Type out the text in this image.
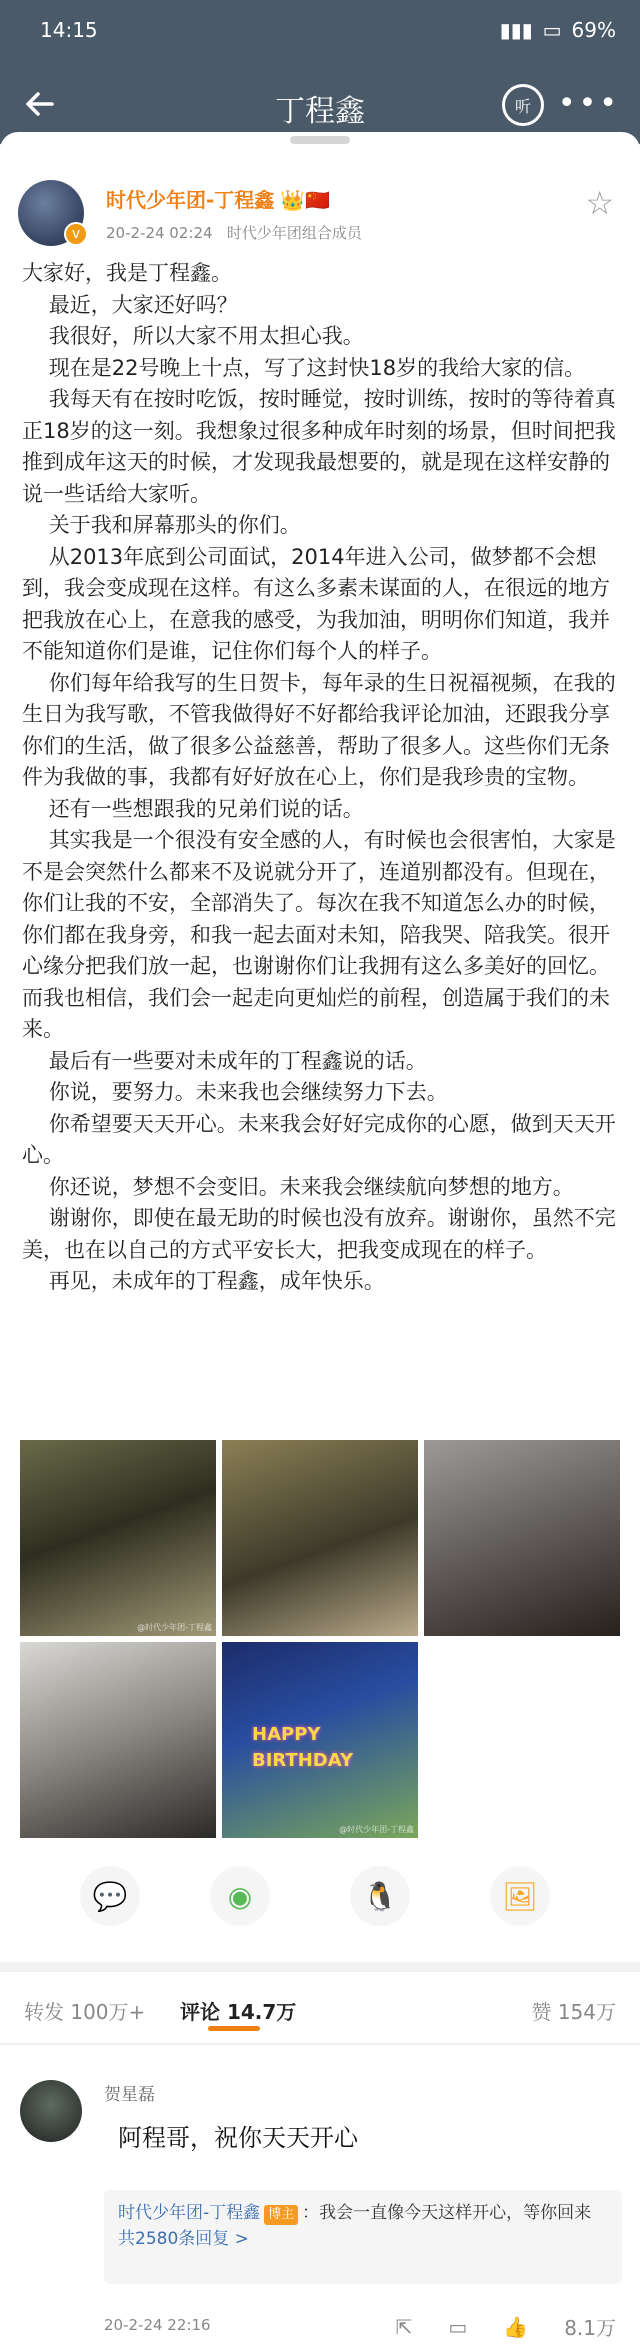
14:15	▮▮▮ ▭ 69%
丁程鑫	听 •••
v
时代少年团-丁程鑫 👑🇨🇳
20-2-24 02:24 时代少年团组合成员
☆

大家好，我是丁程鑫。

最近，大家还好吗？

我很好，所以大家不用太担心我。

现在是22号晚上十点，写了这封快18岁的我给大家的信。

我每天有在按时吃饭，按时睡觉，按时训练，按时的等待着真正18岁的这一刻。我想象过很多种成年时刻的场景，但时间把我推到成年这天的时候，才发现我最想要的，就是现在这样安静的说一些话给大家听。

关于我和屏幕那头的你们。

从2013年底到公司面试，2014年进入公司，做梦都不会想到，我会变成现在这样。有这么多素未谋面的人，在很远的地方把我放在心上，在意我的感受，为我加油，明明你们知道，我并不能知道你们是谁，记住你们每个人的样子。

你们每年给我写的生日贺卡，每年录的生日祝福视频，在我的生日为我写歌，不管我做得好不好都给我评论加油，还跟我分享你们的生活，做了很多公益慈善，帮助了很多人。这些你们无条件为我做的事，我都有好好放在心上，你们是我珍贵的宝物。

还有一些想跟我的兄弟们说的话。

其实我是一个很没有安全感的人，有时候也会很害怕，大家是不是会突然什么都来不及说就分开了，连道别都没有。但现在，你们让我的不安，全部消失了。每次在我不知道怎么办的时候，你们都在我身旁，和我一起去面对未知，陪我哭、陪我笑。很开心缘分把我们放一起，也谢谢你们让我拥有这么多美好的回忆。而我也相信，我们会一起走向更灿烂的前程，创造属于我们的未来。

最后有一些要对未成年的丁程鑫说的话。

你说，要努力。未来我也会继续努力下去。

你希望要天天开心。未来我会好好完成你的心愿，做到天天开心。

你还说，梦想不会变旧。未来我会继续航向梦想的地方。

谢谢你，即使在最无助的时候也没有放弃。谢谢你，虽然不完美，也在以自己的方式平安长大，把我变成现在的样子。

再见，未成年的丁程鑫，成年快乐。

@时代少年团-丁程鑫
HAPPY BIRTHDAY
@时代少年团-丁程鑫
💬	◉	🐧	🖼
转发 100万+ 评论 14.7万	赞 154万
贺星磊
阿程哥，祝你天天开心
时代少年团-丁程鑫 博主 ：我会一直像今天这样开心，等你回来
共2580条回复 >
20-2-24 22:16	⇱ ▭ 👍 8.1万
